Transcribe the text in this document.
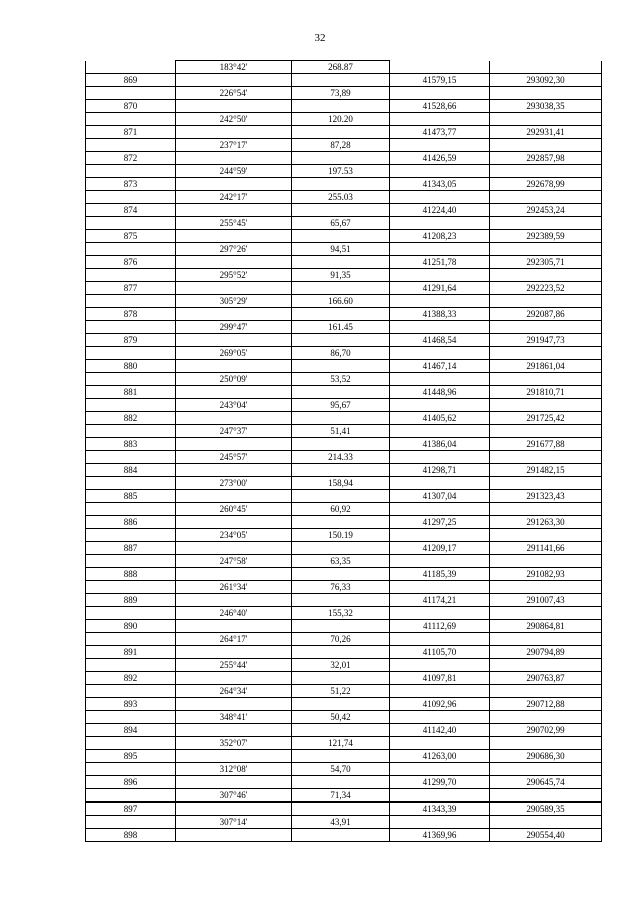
32
	183°42'	268.87		
869			41579,15	293092,30
	226°54'	73,89		
870			41528,66	293038,35
	242°50'	120.20		
871			41473,77	292931,41
	237°17'	87,28		
872			41426,59	292857,98
	244°59'	197.53		
873			41343,05	292678,99
	242°17'	255.03		
874			41224,40	292453,24
	255°45'	65,67		
875			41208,23	292389,59
	297°26'	94,51		
876			41251,78	292305,71
	295°52'	91,35		
877			41291,64	292223,52
	305°29'	166.60		
878			41388,33	292087,86
	299°47'	161.45		
879			41468,54	291947,73
	269°05'	86,70		
880			41467,14	291861,04
	250°09'	53,52		
881			41448,96	291810,71
	243°04'	95,67		
882			41405,62	291725,42
	247°37'	51,41		
883			41386,04	291677,88
	245°57'	214.33		
884			41298,71	291482,15
	273°00'	158,94		
885			41307,04	291323,43
	260°45'	60,92		
886			41297,25	291263,30
	234°05'	150.19		
887			41209,17	291141,66
	247°58'	63,35		
888			41185,39	291082,93
	261°34'	76,33		
889			41174,21	291007,43
	246°40'	155,32		
890			41112,69	290864,81
	264°17'	70,26		
891			41105,70	290794,89
	255°44'	32,01		
892			41097,81	290763,87
	264°34'	51,22		
893			41092,96	290712,88
	348°41'	50,42		
894			41142,40	290702,99
	352°07'	121,74		
895			41263,00	290686,30
	312°08'	54,70		
896			41299,70	290645,74
	307°46'	71,34		
897			41343,39	290589,35
	307°14'	43,91		
898			41369,96	290554,40
